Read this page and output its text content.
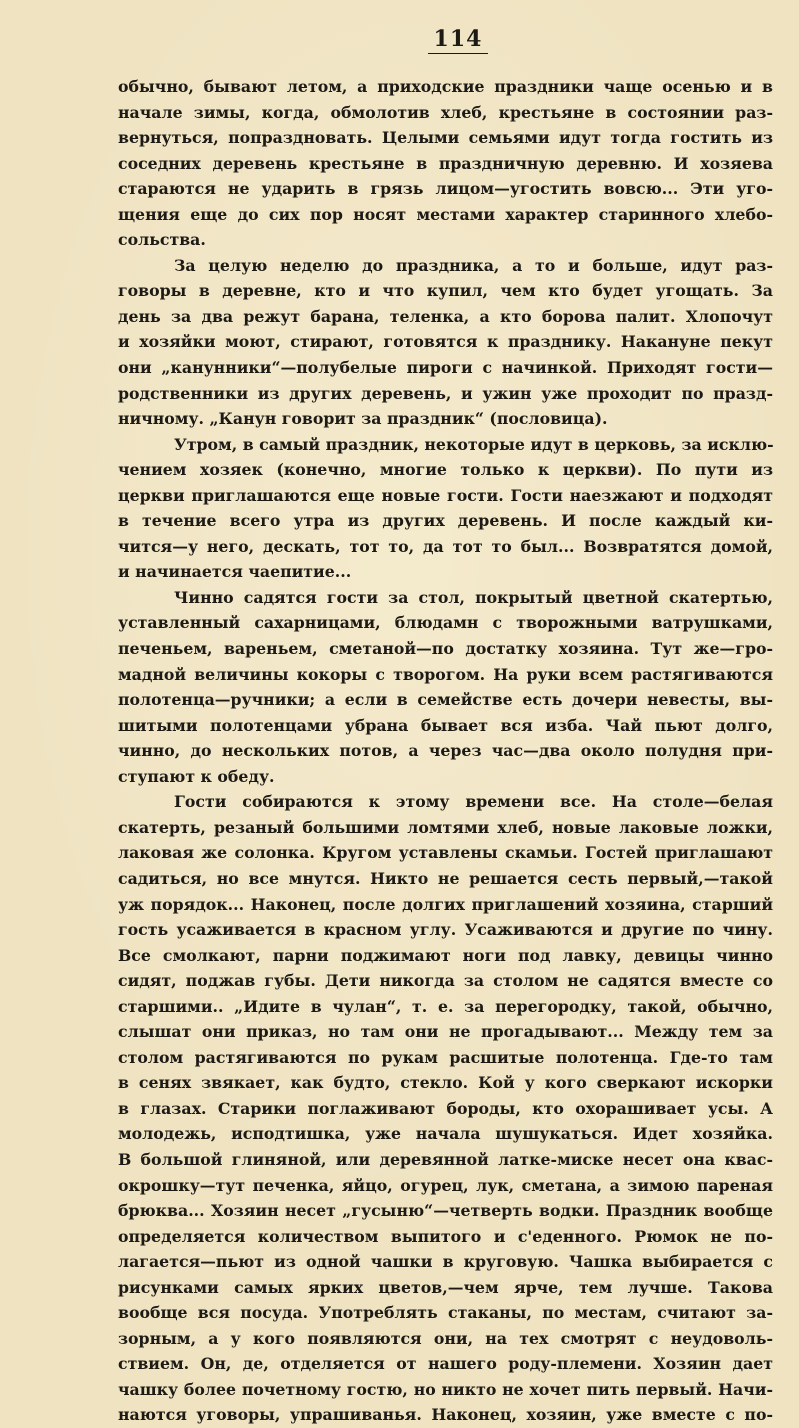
114
обычно, бывают летом, а приходские праздники чаще осенью и в
начале зимы, когда, обмолотив хлеб, крестьяне в состоянии раз-
вернуться, попраздновать. Целыми семьями идут тогда гостить из
соседних деревень крестьяне в праздничную деревню. И хозяева
стараются не ударить в грязь лицом—угостить вовсю... Эти уго-
щения еще до сих пор носят местами характер старинного хлебо-
сольства.
За целую неделю до праздника, а то и больше, идут раз-
говоры в деревне, кто и что купил, чем кто будет угощать. За
день за два режут барана, теленка, а кто борова палит. Хлопочут
и хозяйки моют, стирают, готовятся к празднику. Накануне пекут
они „канунники“—полубелые пироги с начинкой. Приходят гости—
родственники из других деревень, и ужин уже проходит по празд-
ничному. „Канун говорит за праздник“ (пословица).
Утром, в самый праздник, некоторые идут в церковь, за исклю-
чением хозяек (конечно, многие только к церкви). По пути из
церкви приглашаются еще новые гости. Гости наезжают и подходят
в течение всего утра из других деревень. И после каждый ки-
чится—у него, дескать, тот то, да тот то был... Возвратятся домой,
и начинается чаепитие...
Чинно садятся гости за стол, покрытый цветной скатертью,
уставленный сахарницами, блюдамн с творожными ватрушками,
печеньем, вареньем, сметаной—по достатку хозяина. Тут же—гро-
мадной величины кокоры с творогом. На руки всем растягиваются
полотенца—ручники; а если в семействе есть дочери невесты, вы-
шитыми полотенцами убрана бывает вся изба. Чай пьют долго,
чинно, до нескольких потов, а через час—два около полудня при-
ступают к обеду.
Гости собираются к этому времени все. На столе—белая
скатерть, резаный большими ломтями хлеб, новые лаковые ложки,
лаковая же солонка. Кругом уставлены скамьи. Гостей приглашают
садиться, но все мнутся. Никто не решается сесть первый,—такой
уж порядок... Наконец, после долгих приглашений хозяина, старший
гость усаживается в красном углу. Усаживаются и другие по чину.
Все смолкают, парни поджимают ноги под лавку, девицы чинно
сидят, поджав губы. Дети никогда за столом не садятся вместе со
старшими.. „Идите в чулан“, т. е. за перегородку, такой, обычно,
слышат они приказ, но там они не прогадывают... Между тем за
столом растягиваются по рукам расшитые полотенца. Где-то там
в сенях звякает, как будто, стекло. Кой у кого сверкают искорки
в глазах. Старики поглаживают бороды, кто охорашивает усы. А
молодежь, исподтишка, уже начала шушукаться. Идет хозяйка.
В большой глиняной, или деревянной латке-миске несет она квас-
окрошку—тут печенка, яйцо, огурец, лук, сметана, а зимою пареная
брюква... Хозяин несет „гусыню“—четверть водки. Праздник вообще
определяется количеством выпитого и с'еденного. Рюмок не по-
лагается—пьют из одной чашки в круговую. Чашка выбирается с
рисунками самых ярких цветов,—чем ярче, тем лучше. Такова
вообще вся посуда. Употреблять стаканы, по местам, считают за-
зорным, а у кого появляются они, на тех смотрят с неудоволь-
ствием. Он, де, отделяется от нашего роду-племени. Хозяин дает
чашку более почетному гостю, но никто не хочет пить первый. Начи-
наются уговоры, упрашиванья. Наконец, хозяин, уже вместе с по-
